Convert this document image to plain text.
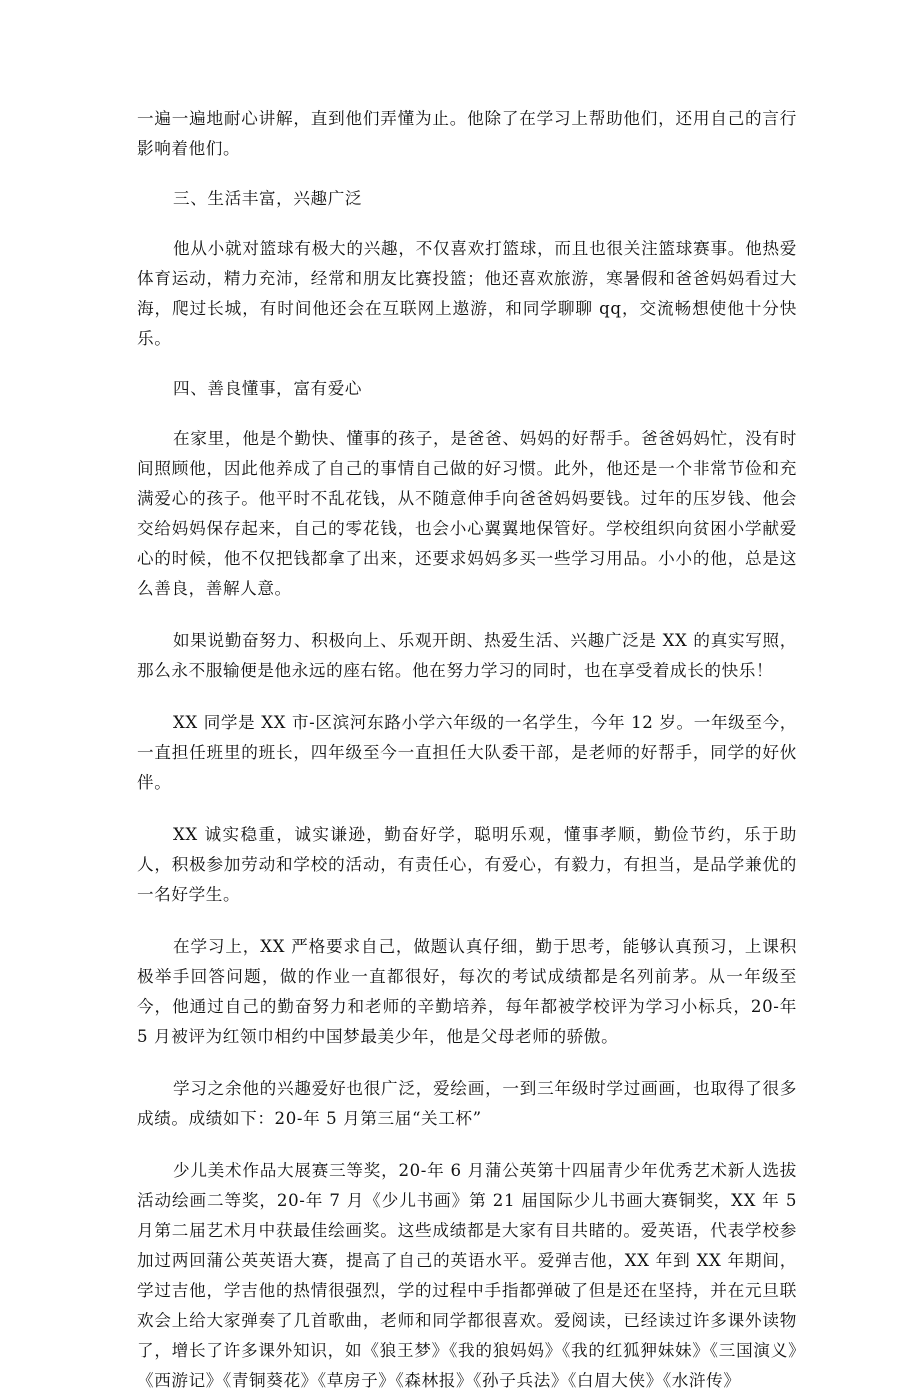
一遍一遍地耐心讲解，直到他们弄懂为止。他除了在学习上帮助他们，还用自己的言行影响着他们。

三、生活丰富，兴趣广泛

他从小就对篮球有极大的兴趣，不仅喜欢打篮球，而且也很关注篮球赛事。他热爱体育运动，精力充沛，经常和朋友比赛投篮；他还喜欢旅游，寒暑假和爸爸妈妈看过大海，爬过长城，有时间他还会在互联网上遨游，和同学聊聊 qq，交流畅想使他十分快乐。

四、善良懂事，富有爱心

在家里，他是个勤快、懂事的孩子，是爸爸、妈妈的好帮手。爸爸妈妈忙，没有时间照顾他，因此他养成了自己的事情自己做的好习惯。此外，他还是一个非常节俭和充满爱心的孩子。他平时不乱花钱，从不随意伸手向爸爸妈妈要钱。过年的压岁钱、他会交给妈妈保存起来，自己的零花钱，也会小心翼翼地保管好。学校组织向贫困小学献爱心的时候，他不仅把钱都拿了出来，还要求妈妈多买一些学习用品。小小的他，总是这么善良，善解人意。

如果说勤奋努力、积极向上、乐观开朗、热爱生活、兴趣广泛是 XX 的真实写照，那么永不服输便是他永远的座右铭。他在努力学习的同时，也在享受着成长的快乐！

XX 同学是 XX 市-区滨河东路小学六年级的一名学生，今年 12 岁。一年级至今，一直担任班里的班长，四年级至今一直担任大队委干部，是老师的好帮手，同学的好伙伴。

XX 诚实稳重，诚实谦逊，勤奋好学，聪明乐观，懂事孝顺，勤俭节约，乐于助人，积极参加劳动和学校的活动，有责任心，有爱心，有毅力，有担当，是品学兼优的一名好学生。

在学习上，XX 严格要求自己，做题认真仔细，勤于思考，能够认真预习，上课积极举手回答问题，做的作业一直都很好，每次的考试成绩都是名列前茅。从一年级至今，他通过自己的勤奋努力和老师的辛勤培养，每年都被学校评为学习小标兵，20-年 5 月被评为红领巾相约中国梦最美少年，他是父母老师的骄傲。

学习之余他的兴趣爱好也很广泛，爱绘画，一到三年级时学过画画，也取得了很多成绩。成绩如下：20-年 5 月第三届“关工杯”

少儿美术作品大展赛三等奖，20-年 6 月蒲公英第十四届青少年优秀艺术新人选拔活动绘画二等奖，20-年 7 月《少儿书画》第 21 届国际少儿书画大赛铜奖，XX 年 5 月第二届艺术月中获最佳绘画奖。这些成绩都是大家有目共睹的。爱英语，代表学校参加过两回蒲公英英语大赛，提高了自己的英语水平。爱弹吉他，XX 年到 XX 年期间，学过吉他，学吉他的热情很强烈，学的过程中手指都弹破了但是还在坚持，并在元旦联欢会上给大家弹奏了几首歌曲，老师和同学都很喜欢。爱阅读，已经读过许多课外读物了，增长了许多课外知识，如《狼王梦》《我的狼妈妈》《我的红狐狎妹妹》《三国演义》《西游记》《青铜葵花》《草房子》《森林报》《孙子兵法》《白眉大侠》《水浒传》
